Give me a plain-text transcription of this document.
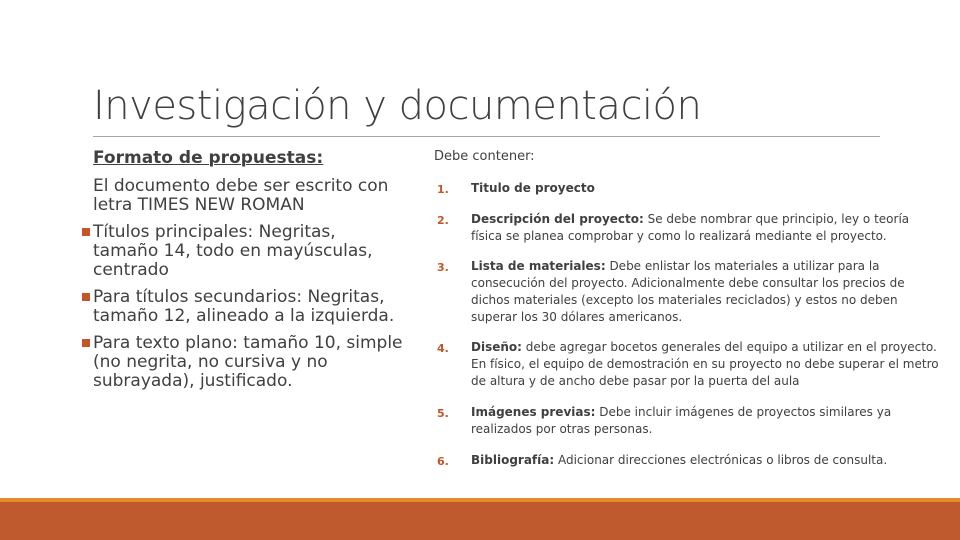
Investigación y documentación
Formato de propuestas:
El documento debe ser escrito con letra TIMES NEW ROMAN
Títulos principales: Negritas, tamaño 14, todo en mayúsculas, centrado
Para títulos secundarios: Negritas, tamaño 12, alineado a la izquierda.
Para texto plano: tamaño 10, simple (no negrita, no cursiva y no subrayada), justificado.
Debe contener:
1. Titulo de proyecto
2. Descripción del proyecto: Se debe nombrar que principio, ley o teoría física se planea comprobar y como lo realizará mediante el proyecto.
3. Lista de materiales: Debe enlistar los materiales a utilizar para la consecución del proyecto. Adicionalmente debe consultar los precios de dichos materiales (excepto los materiales reciclados) y estos no deben superar los 30 dólares americanos.
4. Diseño: debe agregar bocetos generales del equipo a utilizar en el proyecto. En físico, el equipo de demostración en su proyecto no debe superar el metro de altura y de ancho debe pasar por la puerta del aula
5. Imágenes previas: Debe incluir imágenes de proyectos similares ya realizados por otras personas.
6. Bibliografía: Adicionar direcciones electrónicas o libros de consulta.
